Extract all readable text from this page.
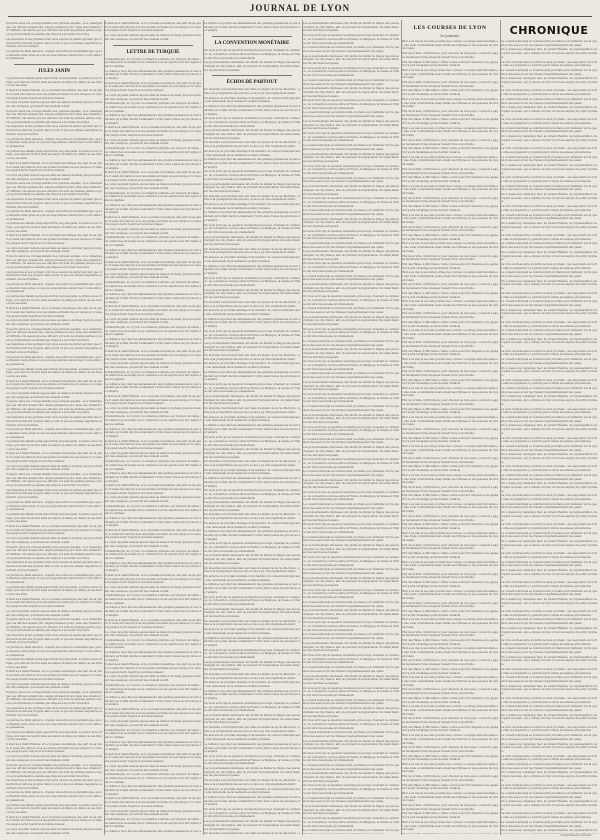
JOURNAL DE LYON

Toujours selon les correspondants des journaux anglais, on a remarqué que ces officiers avaient été, depuis plusieurs jours, dans une situation fort difficile. On assure que les officiers ont subi de grandes pertes et que le gouvernement ne semble pas disposé à accorder une trêve.

Les dépêches et les journaux dont nous venons de parler ajoutent que l'insurrection fait des progrès dans le sud et que les armées régulières se retirent vers la frontière.

Le journal de Paris annonce, d'après une lettre de Constantinople, que la situation reste grave et que les négociations suivent leur cours entre les puissances.

JULES JANIN

Le journal des Débats parle aujourd'hui de Jules Janin, le prince de la critique, qui vient de mourir dans sa maison de Passy au milieu de ses livres et de ses amis.

Il était né à Saint-Étienne, et le Lyonnais revendique une part de sa gloire. Il avait été l'ami de tous les grands écrivains de son temps et il conserva jusqu'à la fin l'esprit et la bonne humeur.

Le corps de Janin restera exposé dans sa maison de Passy jusqu'au moment des obsèques, qui auront lieu demain à midi.

Toujours selon les correspondants des journaux anglais, on a remarqué que ces officiers avaient été, depuis plusieurs jours, dans une situation fort difficile. On assure que les officiers ont subi de grandes pertes et que le gouvernement ne semble pas disposé à accorder une trêve.

Les dépêches et les journaux dont nous venons de parler ajoutent que l'insurrection fait des progrès dans le sud et que les armées régulières se retirent vers la frontière.

Le journal de Paris annonce, d'après une lettre de Constantinople, que la situation reste grave et que les négociations suivent leur cours entre les puissances.

Le journal des Débats parle aujourd'hui de Jules Janin, le prince de la critique, qui vient de mourir dans sa maison de Passy au milieu de ses livres et de ses amis.

Il était né à Saint-Étienne, et le Lyonnais revendique une part de sa gloire. Il avait été l'ami de tous les grands écrivains de son temps et il conserva jusqu'à la fin l'esprit et la bonne humeur.

Le corps de Janin restera exposé dans sa maison de Passy jusqu'au moment des obsèques, qui auront lieu demain à midi.

Toujours selon les correspondants des journaux anglais, on a remarqué que ces officiers avaient été, depuis plusieurs jours, dans une situation fort difficile. On assure que les officiers ont subi de grandes pertes et que le gouvernement ne semble pas disposé à accorder une trêve.

Les dépêches et les journaux dont nous venons de parler ajoutent que l'insurrection fait des progrès dans le sud et que les armées régulières se retirent vers la frontière.

Le journal de Paris annonce, d'après une lettre de Constantinople, que la situation reste grave et que les négociations suivent leur cours entre les puissances.

Le journal des Débats parle aujourd'hui de Jules Janin, le prince de la critique, qui vient de mourir dans sa maison de Passy au milieu de ses livres et de ses amis.

Il était né à Saint-Étienne, et le Lyonnais revendique une part de sa gloire. Il avait été l'ami de tous les grands écrivains de son temps et il conserva jusqu'à la fin l'esprit et la bonne humeur.

Le corps de Janin restera exposé dans sa maison de Passy jusqu'au moment des obsèques, qui auront lieu demain à midi.

Toujours selon les correspondants des journaux anglais, on a remarqué que ces officiers avaient été, depuis plusieurs jours, dans une situation fort difficile. On assure que les officiers ont subi de grandes pertes et que le gouvernement ne semble pas disposé à accorder une trêve.

Les dépêches et les journaux dont nous venons de parler ajoutent que l'insurrection fait des progrès dans le sud et que les armées régulières se retirent vers la frontière.

Le journal de Paris annonce, d'après une lettre de Constantinople, que la situation reste grave et que les négociations suivent leur cours entre les puissances.

Le journal des Débats parle aujourd'hui de Jules Janin, le prince de la critique, qui vient de mourir dans sa maison de Passy au milieu de ses livres et de ses amis.

Il était né à Saint-Étienne, et le Lyonnais revendique une part de sa gloire. Il avait été l'ami de tous les grands écrivains de son temps et il conserva jusqu'à la fin l'esprit et la bonne humeur.

Le corps de Janin restera exposé dans sa maison de Passy jusqu'au moment des obsèques, qui auront lieu demain à midi.

Toujours selon les correspondants des journaux anglais, on a remarqué que ces officiers avaient été, depuis plusieurs jours, dans une situation fort difficile. On assure que les officiers ont subi de grandes pertes et que le gouvernement ne semble pas disposé à accorder une trêve.

Les dépêches et les journaux dont nous venons de parler ajoutent que l'insurrection fait des progrès dans le sud et que les armées régulières se retirent vers la frontière.

Le journal de Paris annonce, d'après une lettre de Constantinople, que la situation reste grave et que les négociations suivent leur cours entre les puissances.

Le journal des Débats parle aujourd'hui de Jules Janin, le prince de la critique, qui vient de mourir dans sa maison de Passy au milieu de ses livres et de ses amis.

Il était né à Saint-Étienne, et le Lyonnais revendique une part de sa gloire. Il avait été l'ami de tous les grands écrivains de son temps et il conserva jusqu'à la fin l'esprit et la bonne humeur.

Le corps de Janin restera exposé dans sa maison de Passy jusqu'au moment des obsèques, qui auront lieu demain à midi.

Toujours selon les correspondants des journaux anglais, on a remarqué que ces officiers avaient été, depuis plusieurs jours, dans une situation fort difficile. On assure que les officiers ont subi de grandes pertes et que le gouvernement ne semble pas disposé à accorder une trêve.

Les dépêches et les journaux dont nous venons de parler ajoutent que l'insurrection fait des progrès dans le sud et que les armées régulières se retirent vers la frontière.

Le journal de Paris annonce, d'après une lettre de Constantinople, que la situation reste grave et que les négociations suivent leur cours entre les puissances.

Le journal des Débats parle aujourd'hui de Jules Janin, le prince de la critique, qui vient de mourir dans sa maison de Passy au milieu de ses livres et de ses amis.

Il était né à Saint-Étienne, et le Lyonnais revendique une part de sa gloire. Il avait été l'ami de tous les grands écrivains de son temps et il conserva jusqu'à la fin l'esprit et la bonne humeur.

Le corps de Janin restera exposé dans sa maison de Passy jusqu'au moment des obsèques, qui auront lieu demain à midi.

Toujours selon les correspondants des journaux anglais, on a remarqué que ces officiers avaient été, depuis plusieurs jours, dans une situation fort difficile. On assure que les officiers ont subi de grandes pertes et que le gouvernement ne semble pas disposé à accorder une trêve.

Les dépêches et les journaux dont nous venons de parler ajoutent que l'insurrection fait des progrès dans le sud et que les armées régulières se retirent vers la frontière.

Le journal de Paris annonce, d'après une lettre de Constantinople, que la situation reste grave et que les négociations suivent leur cours entre les puissances.

Le journal des Débats parle aujourd'hui de Jules Janin, le prince de la critique, qui vient de mourir dans sa maison de Passy au milieu de ses livres et de ses amis.

Il était né à Saint-Étienne, et le Lyonnais revendique une part de sa gloire. Il avait été l'ami de tous les grands écrivains de son temps et il conserva jusqu'à la fin l'esprit et la bonne humeur.

Le corps de Janin restera exposé dans sa maison de Passy jusqu'au moment des obsèques, qui auront lieu demain à midi.

Toujours selon les correspondants des journaux anglais, on a remarqué que ces officiers avaient été, depuis plusieurs jours, dans une situation fort difficile. On assure que les officiers ont subi de grandes pertes et que le gouvernement ne semble pas disposé à accorder une trêve.

Les dépêches et les journaux dont nous venons de parler ajoutent que l'insurrection fait des progrès dans le sud et que les armées régulières se retirent vers la frontière.

Le journal de Paris annonce, d'après une lettre de Constantinople, que la situation reste grave et que les négociations suivent leur cours entre les puissances.

Le journal des Débats parle aujourd'hui de Jules Janin, le prince de la critique, qui vient de mourir dans sa maison de Passy au milieu de ses livres et de ses amis.

Il était né à Saint-Étienne, et le Lyonnais revendique une part de sa gloire. Il avait été l'ami de tous les grands écrivains de son temps et il conserva jusqu'à la fin l'esprit et la bonne humeur.

Le corps de Janin restera exposé dans sa maison de Passy jusqu'au moment des obsèques, qui auront lieu demain à midi.

Toujours selon les correspondants des journaux anglais, on a remarqué que ces officiers avaient été, depuis plusieurs jours, dans une situation fort difficile. On assure que les officiers ont subi de grandes pertes et que le gouvernement ne semble pas disposé à accorder une trêve.

Les dépêches et les journaux dont nous venons de parler ajoutent que l'insurrection fait des progrès dans le sud et que les armées régulières se retirent vers la frontière.

Le journal de Paris annonce, d'après une lettre de Constantinople, que la situation reste grave et que les négociations suivent leur cours entre les puissances.

Le journal des Débats parle aujourd'hui de Jules Janin, le prince de la critique, qui vient de mourir dans sa maison de Passy au milieu de ses livres et de ses amis.

Il était né à Saint-Étienne, et le Lyonnais revendique une part de sa gloire. Il avait été l'ami de tous les grands écrivains de son temps et il conserva jusqu'à la fin l'esprit et la bonne humeur.

Le corps de Janin restera exposé dans sa maison de Passy jusqu'au moment des obsèques, qui auront lieu demain à midi.

Toujours selon les correspondants des journaux anglais, on a remarqué que ces officiers avaient été, depuis plusieurs jours, dans une situation fort difficile. On assure que les officiers ont subi de grandes pertes et que le gouvernement ne semble pas disposé à accorder une trêve.

Les dépêches et les journaux dont nous venons de parler ajoutent que l'insurrection fait des progrès dans le sud et que les armées régulières se retirent vers la frontière.

Le journal de Paris annonce, d'après une lettre de Constantinople, que la situation reste grave et que les négociations suivent leur cours entre les puissances.

Le journal des Débats parle aujourd'hui de Jules Janin, le prince de la critique, qui vient de mourir dans sa maison de Passy au milieu de ses livres et de ses amis.

Il était né à Saint-Étienne, et le Lyonnais revendique une part de sa gloire. Il avait été l'ami de tous les grands écrivains de son temps et il conserva jusqu'à la fin l'esprit et la bonne humeur.

Le corps de Janin restera exposé dans sa maison de Passy jusqu'au moment des obsèques, qui auront lieu demain à midi.

Toujours selon les correspondants des journaux anglais, on a remarqué que ces officiers avaient été, depuis plusieurs jours, dans une situation fort difficile. On assure que les officiers ont subi de grandes pertes et que le gouvernement ne semble pas disposé à accorder une trêve.

Les dépêches et les journaux dont nous venons de parler ajoutent que l'insurrection fait des progrès dans le sud et que les armées régulières se retirent vers la frontière.

Le journal de Paris annonce, d'après une lettre de Constantinople, que la situation reste grave et que les négociations suivent leur cours entre les puissances.

Le journal des Débats parle aujourd'hui de Jules Janin, le prince de la critique, qui vient de mourir dans sa maison de Passy au milieu de ses livres et de ses amis.

Il était né à Saint-Étienne, et le Lyonnais revendique une part de sa gloire. Il avait été l'ami de tous les grands écrivains de son temps et il conserva jusqu'à la fin l'esprit et la bonne humeur.

Le corps de Janin restera exposé dans sa maison de Passy jusqu'au moment des obsèques, qui auront lieu demain à midi.

Il était né à Saint-Étienne, et le Lyonnais revendique une part de sa gloire. Il avait été l'ami de tous les grands écrivains de son temps et il conserva jusqu'à la fin l'esprit et la bonne humeur.

Le corps de Janin restera exposé dans sa maison de Passy jusqu'au moment des obsèques, qui auront lieu demain à midi.

LETTRE DE TURQUIE

Constantinople, le 12 juin. La situation politique est toujours la même ; on attend des nouvelles de la conférence et les esprits sont fort agités dans la capitale.

Le Sultan a reçu hier les ambassadeurs des grandes puissances et leur a déclaré qu'il était décidé à maintenir l'ordre dans toutes les provinces de l'empire.

Il était né à Saint-Étienne, et le Lyonnais revendique une part de sa gloire. Il avait été l'ami de tous les grands écrivains de son temps et il conserva jusqu'à la fin l'esprit et la bonne humeur.

Le corps de Janin restera exposé dans sa maison de Passy jusqu'au moment des obsèques, qui auront lieu demain à midi.

Constantinople, le 12 juin. La situation politique est toujours la même ; on attend des nouvelles de la conférence et les esprits sont fort agités dans la capitale.

Le Sultan a reçu hier les ambassadeurs des grandes puissances et leur a déclaré qu'il était décidé à maintenir l'ordre dans toutes les provinces de l'empire.

Il était né à Saint-Étienne, et le Lyonnais revendique une part de sa gloire. Il avait été l'ami de tous les grands écrivains de son temps et il conserva jusqu'à la fin l'esprit et la bonne humeur.

Le corps de Janin restera exposé dans sa maison de Passy jusqu'au moment des obsèques, qui auront lieu demain à midi.

Constantinople, le 12 juin. La situation politique est toujours la même ; on attend des nouvelles de la conférence et les esprits sont fort agités dans la capitale.

Le Sultan a reçu hier les ambassadeurs des grandes puissances et leur a déclaré qu'il était décidé à maintenir l'ordre dans toutes les provinces de l'empire.

Il était né à Saint-Étienne, et le Lyonnais revendique une part de sa gloire. Il avait été l'ami de tous les grands écrivains de son temps et il conserva jusqu'à la fin l'esprit et la bonne humeur.

Le corps de Janin restera exposé dans sa maison de Passy jusqu'au moment des obsèques, qui auront lieu demain à midi.

Constantinople, le 12 juin. La situation politique est toujours la même ; on attend des nouvelles de la conférence et les esprits sont fort agités dans la capitale.

Le Sultan a reçu hier les ambassadeurs des grandes puissances et leur a déclaré qu'il était décidé à maintenir l'ordre dans toutes les provinces de l'empire.

Il était né à Saint-Étienne, et le Lyonnais revendique une part de sa gloire. Il avait été l'ami de tous les grands écrivains de son temps et il conserva jusqu'à la fin l'esprit et la bonne humeur.

Le corps de Janin restera exposé dans sa maison de Passy jusqu'au moment des obsèques, qui auront lieu demain à midi.

Constantinople, le 12 juin. La situation politique est toujours la même ; on attend des nouvelles de la conférence et les esprits sont fort agités dans la capitale.

Le Sultan a reçu hier les ambassadeurs des grandes puissances et leur a déclaré qu'il était décidé à maintenir l'ordre dans toutes les provinces de l'empire.

Il était né à Saint-Étienne, et le Lyonnais revendique une part de sa gloire. Il avait été l'ami de tous les grands écrivains de son temps et il conserva jusqu'à la fin l'esprit et la bonne humeur.

Le corps de Janin restera exposé dans sa maison de Passy jusqu'au moment des obsèques, qui auront lieu demain à midi.

Constantinople, le 12 juin. La situation politique est toujours la même ; on attend des nouvelles de la conférence et les esprits sont fort agités dans la capitale.

Le Sultan a reçu hier les ambassadeurs des grandes puissances et leur a déclaré qu'il était décidé à maintenir l'ordre dans toutes les provinces de l'empire.

Il était né à Saint-Étienne, et le Lyonnais revendique une part de sa gloire. Il avait été l'ami de tous les grands écrivains de son temps et il conserva jusqu'à la fin l'esprit et la bonne humeur.

Le corps de Janin restera exposé dans sa maison de Passy jusqu'au moment des obsèques, qui auront lieu demain à midi.

Constantinople, le 12 juin. La situation politique est toujours la même ; on attend des nouvelles de la conférence et les esprits sont fort agités dans la capitale.

Le Sultan a reçu hier les ambassadeurs des grandes puissances et leur a déclaré qu'il était décidé à maintenir l'ordre dans toutes les provinces de l'empire.

Il était né à Saint-Étienne, et le Lyonnais revendique une part de sa gloire. Il avait été l'ami de tous les grands écrivains de son temps et il conserva jusqu'à la fin l'esprit et la bonne humeur.

Le corps de Janin restera exposé dans sa maison de Passy jusqu'au moment des obsèques, qui auront lieu demain à midi.

Constantinople, le 12 juin. La situation politique est toujours la même ; on attend des nouvelles de la conférence et les esprits sont fort agités dans la capitale.

Le Sultan a reçu hier les ambassadeurs des grandes puissances et leur a déclaré qu'il était décidé à maintenir l'ordre dans toutes les provinces de l'empire.

Il était né à Saint-Étienne, et le Lyonnais revendique une part de sa gloire. Il avait été l'ami de tous les grands écrivains de son temps et il conserva jusqu'à la fin l'esprit et la bonne humeur.

Le corps de Janin restera exposé dans sa maison de Passy jusqu'au moment des obsèques, qui auront lieu demain à midi.

Constantinople, le 12 juin. La situation politique est toujours la même ; on attend des nouvelles de la conférence et les esprits sont fort agités dans la capitale.

Le Sultan a reçu hier les ambassadeurs des grandes puissances et leur a déclaré qu'il était décidé à maintenir l'ordre dans toutes les provinces de l'empire.

Il était né à Saint-Étienne, et le Lyonnais revendique une part de sa gloire. Il avait été l'ami de tous les grands écrivains de son temps et il conserva jusqu'à la fin l'esprit et la bonne humeur.

Le corps de Janin restera exposé dans sa maison de Passy jusqu'au moment des obsèques, qui auront lieu demain à midi.

Constantinople, le 12 juin. La situation politique est toujours la même ; on attend des nouvelles de la conférence et les esprits sont fort agités dans la capitale.

Le Sultan a reçu hier les ambassadeurs des grandes puissances et leur a déclaré qu'il était décidé à maintenir l'ordre dans toutes les provinces de l'empire.

Il était né à Saint-Étienne, et le Lyonnais revendique une part de sa gloire. Il avait été l'ami de tous les grands écrivains de son temps et il conserva jusqu'à la fin l'esprit et la bonne humeur.

Le corps de Janin restera exposé dans sa maison de Passy jusqu'au moment des obsèques, qui auront lieu demain à midi.

Constantinople, le 12 juin. La situation politique est toujours la même ; on attend des nouvelles de la conférence et les esprits sont fort agités dans la capitale.

Le Sultan a reçu hier les ambassadeurs des grandes puissances et leur a déclaré qu'il était décidé à maintenir l'ordre dans toutes les provinces de l'empire.

Il était né à Saint-Étienne, et le Lyonnais revendique une part de sa gloire. Il avait été l'ami de tous les grands écrivains de son temps et il conserva jusqu'à la fin l'esprit et la bonne humeur.

Le corps de Janin restera exposé dans sa maison de Passy jusqu'au moment des obsèques, qui auront lieu demain à midi.

Constantinople, le 12 juin. La situation politique est toujours la même ; on attend des nouvelles de la conférence et les esprits sont fort agités dans la capitale.

Le Sultan a reçu hier les ambassadeurs des grandes puissances et leur a déclaré qu'il était décidé à maintenir l'ordre dans toutes les provinces de l'empire.

Il était né à Saint-Étienne, et le Lyonnais revendique une part de sa gloire. Il avait été l'ami de tous les grands écrivains de son temps et il conserva jusqu'à la fin l'esprit et la bonne humeur.

Le corps de Janin restera exposé dans sa maison de Passy jusqu'au moment des obsèques, qui auront lieu demain à midi.

Constantinople, le 12 juin. La situation politique est toujours la même ; on attend des nouvelles de la conférence et les esprits sont fort agités dans la capitale.

Le Sultan a reçu hier les ambassadeurs des grandes puissances et leur a déclaré qu'il était décidé à maintenir l'ordre dans toutes les provinces de l'empire.

Il était né à Saint-Étienne, et le Lyonnais revendique une part de sa gloire. Il avait été l'ami de tous les grands écrivains de son temps et il conserva jusqu'à la fin l'esprit et la bonne humeur.

Le corps de Janin restera exposé dans sa maison de Passy jusqu'au moment des obsèques, qui auront lieu demain à midi.

Constantinople, le 12 juin. La situation politique est toujours la même ; on attend des nouvelles de la conférence et les esprits sont fort agités dans la capitale.

Le Sultan a reçu hier les ambassadeurs des grandes puissances et leur a déclaré qu'il était décidé à maintenir l'ordre dans toutes les provinces de l'empire.

Il était né à Saint-Étienne, et le Lyonnais revendique une part de sa gloire. Il avait été l'ami de tous les grands écrivains de son temps et il conserva jusqu'à la fin l'esprit et la bonne humeur.

Le corps de Janin restera exposé dans sa maison de Passy jusqu'au moment des obsèques, qui auront lieu demain à midi.

Constantinople, le 12 juin. La situation politique est toujours la même ; on attend des nouvelles de la conférence et les esprits sont fort agités dans la capitale.

Le Sultan a reçu hier les ambassadeurs des grandes puissances et leur a déclaré qu'il était décidé à maintenir l'ordre dans toutes les provinces de l'empire.

Il était né à Saint-Étienne, et le Lyonnais revendique une part de sa gloire. Il avait été l'ami de tous les grands écrivains de son temps et il conserva jusqu'à la fin l'esprit et la bonne humeur.

Le corps de Janin restera exposé dans sa maison de Passy jusqu'au moment des obsèques, qui auront lieu demain à midi.

Constantinople, le 12 juin. La situation politique est toujours la même ; on attend des nouvelles de la conférence et les esprits sont fort agités dans la capitale.

Le Sultan a reçu hier les ambassadeurs des grandes puissances et leur a déclaré qu'il était décidé à maintenir l'ordre dans toutes les provinces de l'empire.

Il était né à Saint-Étienne, et le Lyonnais revendique une part de sa gloire. Il avait été l'ami de tous les grands écrivains de son temps et il conserva jusqu'à la fin l'esprit et la bonne humeur.

Le corps de Janin restera exposé dans sa maison de Passy jusqu'au moment des obsèques, qui auront lieu demain à midi.

Constantinople, le 12 juin. La situation politique est toujours la même ; on attend des nouvelles de la conférence et les esprits sont fort agités dans la capitale.

Le Sultan a reçu hier les ambassadeurs des grandes puissances et leur a déclaré qu'il était décidé à maintenir l'ordre dans toutes les provinces de l'empire.

Il était né à Saint-Étienne, et le Lyonnais revendique une part de sa gloire. Il avait été l'ami de tous les grands écrivains de son temps et il conserva jusqu'à la fin l'esprit et la bonne humeur.

Le corps de Janin restera exposé dans sa maison de Passy jusqu'au moment des obsèques, qui auront lieu demain à midi.

Constantinople, le 12 juin. La situation politique est toujours la même ; on attend des nouvelles de la conférence et les esprits sont fort agités dans la capitale.

Le Sultan a reçu hier les ambassadeurs des grandes puissances et leur a

Le Sultan a reçu hier les ambassadeurs des grandes puissances et leur a déclaré qu'il était décidé à maintenir l'ordre dans toutes les provinces de l'empire.

LA CONVENTION MONÉTAIRE

On nous écrit que la question monétaire préoccupe vivement le commerce. La convention conclue entre la France, la Belgique, la Suisse et l'Italie doit être renouvelée prochainement.

Les gouvernements intéressés ont décidé de limiter la frappe des pièces d'argent de cinq francs, afin de prévenir la dépréciation du métal blanc sur les marchés européens.

ÉCHOS DE PARTOUT

Un incendie s'est déclaré hier soir dans un atelier de la rue Mercière ; grâce à la promptitude des secours, le feu a pu être rapidement éteint.

On annonce le prochain mariage d'un membre du conseil municipal avec une demoiselle de la meilleure société lyonnaise.

Le Sultan a reçu hier les ambassadeurs des grandes puissances et leur a déclaré qu'il était décidé à maintenir l'ordre dans toutes les provinces de l'empire.

On nous écrit que la question monétaire préoccupe vivement le commerce. La convention conclue entre la France, la Belgique, la Suisse et l'Italie doit être renouvelée prochainement.

Les gouvernements intéressés ont décidé de limiter la frappe des pièces d'argent de cinq francs, afin de prévenir la dépréciation du métal blanc sur les marchés européens.

Un incendie s'est déclaré hier soir dans un atelier de la rue Mercière ; grâce à la promptitude des secours, le feu a pu être rapidement éteint.

On annonce le prochain mariage d'un membre du conseil municipal avec une demoiselle de la meilleure société lyonnaise.

Le Sultan a reçu hier les ambassadeurs des grandes puissances et leur a déclaré qu'il était décidé à maintenir l'ordre dans toutes les provinces de l'empire.

On nous écrit que la question monétaire préoccupe vivement le commerce. La convention conclue entre la France, la Belgique, la Suisse et l'Italie doit être renouvelée prochainement.

Les gouvernements intéressés ont décidé de limiter la frappe des pièces d'argent de cinq francs, afin de prévenir la dépréciation du métal blanc sur les marchés européens.

Un incendie s'est déclaré hier soir dans un atelier de la rue Mercière ; grâce à la promptitude des secours, le feu a pu être rapidement éteint.

On annonce le prochain mariage d'un membre du conseil municipal avec une demoiselle de la meilleure société lyonnaise.

Le Sultan a reçu hier les ambassadeurs des grandes puissances et leur a déclaré qu'il était décidé à maintenir l'ordre dans toutes les provinces de l'empire.

On nous écrit que la question monétaire préoccupe vivement le commerce. La convention conclue entre la France, la Belgique, la Suisse et l'Italie doit être renouvelée prochainement.

Les gouvernements intéressés ont décidé de limiter la frappe des pièces d'argent de cinq francs, afin de prévenir la dépréciation du métal blanc sur les marchés européens.

Un incendie s'est déclaré hier soir dans un atelier de la rue Mercière ; grâce à la promptitude des secours, le feu a pu être rapidement éteint.

On annonce le prochain mariage d'un membre du conseil municipal avec une demoiselle de la meilleure société lyonnaise.

Le Sultan a reçu hier les ambassadeurs des grandes puissances et leur a déclaré qu'il était décidé à maintenir l'ordre dans toutes les provinces de l'empire.

On nous écrit que la question monétaire préoccupe vivement le commerce. La convention conclue entre la France, la Belgique, la Suisse et l'Italie doit être renouvelée prochainement.

Les gouvernements intéressés ont décidé de limiter la frappe des pièces d'argent de cinq francs, afin de prévenir la dépréciation du métal blanc sur les marchés européens.

Un incendie s'est déclaré hier soir dans un atelier de la rue Mercière ; grâce à la promptitude des secours, le feu a pu être rapidement éteint.

On annonce le prochain mariage d'un membre du conseil municipal avec une demoiselle de la meilleure société lyonnaise.

Le Sultan a reçu hier les ambassadeurs des grandes puissances et leur a déclaré qu'il était décidé à maintenir l'ordre dans toutes les provinces de l'empire.

On nous écrit que la question monétaire préoccupe vivement le commerce. La convention conclue entre la France, la Belgique, la Suisse et l'Italie doit être renouvelée prochainement.

Les gouvernements intéressés ont décidé de limiter la frappe des pièces d'argent de cinq francs, afin de prévenir la dépréciation du métal blanc sur les marchés européens.

Un incendie s'est déclaré hier soir dans un atelier de la rue Mercière ; grâce à la promptitude des secours, le feu a pu être rapidement éteint.

On annonce le prochain mariage d'un membre du conseil municipal avec une demoiselle de la meilleure société lyonnaise.

Le Sultan a reçu hier les ambassadeurs des grandes puissances et leur a déclaré qu'il était décidé à maintenir l'ordre dans toutes les provinces de l'empire.

On nous écrit que la question monétaire préoccupe vivement le commerce. La convention conclue entre la France, la Belgique, la Suisse et l'Italie doit être renouvelée prochainement.

Les gouvernements intéressés ont décidé de limiter la frappe des pièces d'argent de cinq francs, afin de prévenir la dépréciation du métal blanc sur les marchés européens.

Un incendie s'est déclaré hier soir dans un atelier de la rue Mercière ; grâce à la promptitude des secours, le feu a pu être rapidement éteint.

On annonce le prochain mariage d'un membre du conseil municipal avec une demoiselle de la meilleure société lyonnaise.

Le Sultan a reçu hier les ambassadeurs des grandes puissances et leur a déclaré qu'il était décidé à maintenir l'ordre dans toutes les provinces de l'empire.

On nous écrit que la question monétaire préoccupe vivement le commerce. La convention conclue entre la France, la Belgique, la Suisse et l'Italie doit être renouvelée prochainement.

Les gouvernements intéressés ont décidé de limiter la frappe des pièces d'argent de cinq francs, afin de prévenir la dépréciation du métal blanc sur les marchés européens.

Un incendie s'est déclaré hier soir dans un atelier de la rue Mercière ; grâce à la promptitude des secours, le feu a pu être rapidement éteint.

On annonce le prochain mariage d'un membre du conseil municipal avec une demoiselle de la meilleure société lyonnaise.

Le Sultan a reçu hier les ambassadeurs des grandes puissances et leur a déclaré qu'il était décidé à maintenir l'ordre dans toutes les provinces de l'empire.

On nous écrit que la question monétaire préoccupe vivement le commerce. La convention conclue entre la France, la Belgique, la Suisse et l'Italie doit être renouvelée prochainement.

Les gouvernements intéressés ont décidé de limiter la frappe des pièces d'argent de cinq francs, afin de prévenir la dépréciation du métal blanc sur les marchés européens.

Un incendie s'est déclaré hier soir dans un atelier de la rue Mercière ; grâce à la promptitude des secours, le feu a pu être rapidement éteint.

On annonce le prochain mariage d'un membre du conseil municipal avec une demoiselle de la meilleure société lyonnaise.

Le Sultan a reçu hier les ambassadeurs des grandes puissances et leur a déclaré qu'il était décidé à maintenir l'ordre dans toutes les provinces de l'empire.

On nous écrit que la question monétaire préoccupe vivement le commerce. La convention conclue entre la France, la Belgique, la Suisse et l'Italie doit être renouvelée prochainement.

Les gouvernements intéressés ont décidé de limiter la frappe des pièces d'argent de cinq francs, afin de prévenir la dépréciation du métal blanc sur les marchés européens.

Un incendie s'est déclaré hier soir dans un atelier de la rue Mercière ; grâce à la promptitude des secours, le feu a pu être rapidement éteint.

On annonce le prochain mariage d'un membre du conseil municipal avec une demoiselle de la meilleure société lyonnaise.

Le Sultan a reçu hier les ambassadeurs des grandes puissances et leur a déclaré qu'il était décidé à maintenir l'ordre dans toutes les provinces de l'empire.

On nous écrit que la question monétaire préoccupe vivement le commerce. La convention conclue entre la France, la Belgique, la Suisse et l'Italie doit être renouvelée prochainement.

Les gouvernements intéressés ont décidé de limiter la frappe des pièces d'argent de cinq francs, afin de prévenir la dépréciation du métal blanc sur les marchés européens.

Un incendie s'est déclaré hier soir dans un atelier de la rue Mercière ; grâce à la promptitude des secours, le feu a pu être rapidement éteint.

On annonce le prochain mariage d'un membre du conseil municipal avec une demoiselle de la meilleure société lyonnaise.

Le Sultan a reçu hier les ambassadeurs des grandes puissances et leur a déclaré qu'il était décidé à maintenir l'ordre dans toutes les provinces de l'empire.

On nous écrit que la question monétaire préoccupe vivement le commerce. La convention conclue entre la France, la Belgique, la Suisse et l'Italie doit être renouvelée prochainement.

Les gouvernements intéressés ont décidé de limiter la frappe des pièces d'argent de cinq francs, afin de prévenir la dépréciation du métal blanc sur les marchés européens.

Un incendie s'est déclaré hier soir dans un atelier de la rue Mercière ; grâce à la promptitude des secours, le feu a pu être rapidement éteint.

On annonce le prochain mariage d'un membre du conseil municipal avec une demoiselle de la meilleure société lyonnaise.

Le Sultan a reçu hier les ambassadeurs des grandes puissances et leur a déclaré qu'il était décidé à maintenir l'ordre dans toutes les provinces de l'empire.

On nous écrit que la question monétaire préoccupe vivement le commerce. La convention conclue entre la France, la Belgique, la Suisse et l'Italie doit être renouvelée prochainement.

Les gouvernements intéressés ont décidé de limiter la frappe des pièces d'argent de cinq francs, afin de prévenir la dépréciation du métal blanc sur les marchés européens.

Un incendie s'est déclaré hier soir dans un atelier de la rue Mercière ; grâce à la promptitude des secours, le feu a pu être rapidement éteint.

On annonce le prochain mariage d'un membre du conseil municipal avec une demoiselle de la meilleure société lyonnaise.

Le Sultan a reçu hier les ambassadeurs des grandes puissances et leur a déclaré qu'il était décidé à maintenir l'ordre dans toutes les provinces de l'empire.

On nous écrit que la question monétaire préoccupe vivement le commerce. La convention conclue entre la France, la Belgique, la Suisse et l'Italie doit être renouvelée prochainement.

Les gouvernements intéressés ont décidé de limiter la frappe des pièces d'argent de cinq francs, afin de prévenir la dépréciation du métal blanc sur les marchés européens.

Un incendie s'est déclaré hier soir dans un atelier de la rue Mercière ; grâce à la promptitude des secours, le feu a pu être rapidement éteint.

On annonce le prochain mariage d'un membre du conseil municipal avec une demoiselle de la meilleure société lyonnaise.

Le Sultan a reçu hier les ambassadeurs des grandes puissances et leur a déclaré qu'il était décidé à maintenir l'ordre dans toutes les provinces de l'empire.

On nous écrit que la question monétaire préoccupe vivement le commerce. La convention conclue entre la France, la Belgique, la Suisse et l'Italie doit être renouvelée prochainement.

Les gouvernements intéressés ont décidé de limiter la frappe des pièces d'argent de cinq francs, afin de prévenir la dépréciation du métal blanc sur les marchés européens.

Un incendie s'est déclaré hier soir dans un atelier de la rue Mercière ; g

Les gouvernements intéressés ont décidé de limiter la frappe des pièces d'argent de cinq francs, afin de prévenir la dépréciation du métal blanc sur les marchés européens.

On nous écrit que la question monétaire préoccupe vivement le commerce. La convention conclue entre la France, la Belgique, la Suisse et l'Italie doit être renouvelée prochainement.

Le conseil municipal se réunira lundi prochain pour délibérer sur la question des eaux et sur les travaux d'agrandissement des quais.

Les gouvernements intéressés ont décidé de limiter la frappe des pièces d'argent de cinq francs, afin de prévenir la dépréciation du métal blanc sur les marchés européens.

On nous écrit que la question monétaire préoccupe vivement le commerce. La convention conclue entre la France, la Belgique, la Suisse et l'Italie doit être renouvelée prochainement.

Le conseil municipal se réunira lundi prochain pour délibérer sur la question des eaux et sur les travaux d'agrandissement des quais.

Les gouvernements intéressés ont décidé de limiter la frappe des pièces d'argent de cinq francs, afin de prévenir la dépréciation du métal blanc sur les marchés européens.

On nous écrit que la question monétaire préoccupe vivement le commerce. La convention conclue entre la France, la Belgique, la Suisse et l'Italie doit être renouvelée prochainement.

Le conseil municipal se réunira lundi prochain pour délibérer sur la question des eaux et sur les travaux d'agrandissement des quais.

Les gouvernements intéressés ont décidé de limiter la frappe des pièces d'argent de cinq francs, afin de prévenir la dépréciation du métal blanc sur les marchés européens.

On nous écrit que la question monétaire préoccupe vivement le commerce. La convention conclue entre la France, la Belgique, la Suisse et l'Italie doit être renouvelée prochainement.

Le conseil municipal se réunira lundi prochain pour délibérer sur la question des eaux et sur les travaux d'agrandissement des quais.

Les gouvernements intéressés ont décidé de limiter la frappe des pièces d'argent de cinq francs, afin de prévenir la dépréciation du métal blanc sur les marchés européens.

On nous écrit que la question monétaire préoccupe vivement le commerce. La convention conclue entre la France, la Belgique, la Suisse et l'Italie doit être renouvelée prochainement.

Le conseil municipal se réunira lundi prochain pour délibérer sur la question des eaux et sur les travaux d'agrandissement des quais.

Les gouvernements intéressés ont décidé de limiter la frappe des pièces d'argent de cinq francs, afin de prévenir la dépréciation du métal blanc sur les marchés européens.

On nous écrit que la question monétaire préoccupe vivement le commerce. La convention conclue entre la France, la Belgique, la Suisse et l'Italie doit être renouvelée prochainement.

Le conseil municipal se réunira lundi prochain pour délibérer sur la question des eaux et sur les travaux d'agrandissement des quais.

Les gouvernements intéressés ont décidé de limiter la frappe des pièces d'argent de cinq francs, afin de prévenir la dépréciation du métal blanc sur les marchés européens.

On nous écrit que la question monétaire préoccupe vivement le commerce. La convention conclue entre la France, la Belgique, la Suisse et l'Italie doit être renouvelée prochainement.

Le conseil municipal se réunira lundi prochain pour délibérer sur la question des eaux et sur les travaux d'agrandissement des quais.

Les gouvernements intéressés ont décidé de limiter la frappe des pièces d'argent de cinq francs, afin de prévenir la dépréciation du métal blanc sur les marchés européens.

On nous écrit que la question monétaire préoccupe vivement le commerce. La convention conclue entre la France, la Belgique, la Suisse et l'Italie doit être renouvelée prochainement.

Le conseil municipal se réunira lundi prochain pour délibérer sur la question des eaux et sur les travaux d'agrandissement des quais.

Les gouvernements intéressés ont décidé de limiter la frappe des pièces d'argent de cinq francs, afin de prévenir la dépréciation du métal blanc sur les marchés européens.

On nous écrit que la question monétaire préoccupe vivement le commerce. La convention conclue entre la France, la Belgique, la Suisse et l'Italie doit être renouvelée prochainement.

Le conseil municipal se réunira lundi prochain pour délibérer sur la question des eaux et sur les travaux d'agrandissement des quais.

Les gouvernements intéressés ont décidé de limiter la frappe des pièces d'argent de cinq francs, afin de prévenir la dépréciation du métal blanc sur les marchés européens.

On nous écrit que la question monétaire préoccupe vivement le commerce. La convention conclue entre la France, la Belgique, la Suisse et l'Italie doit être renouvelée prochainement.

Le conseil municipal se réunira lundi prochain pour délibérer sur la question des eaux et sur les travaux d'agrandissement des quais.

Les gouvernements intéressés ont décidé de limiter la frappe des pièces d'argent de cinq francs, afin de prévenir la dépréciation du métal blanc sur les marchés européens.

On nous écrit que la question monétaire préoccupe vivement le commerce. La convention conclue entre la France, la Belgique, la Suisse et l'Italie doit être renouvelée prochainement.

Le conseil municipal se réunira lundi prochain pour délibérer sur la question des eaux et sur les travaux d'agrandissement des quais.

Les gouvernements intéressés ont décidé de limiter la frappe des pièces d'argent de cinq francs, afin de prévenir la dépréciation du métal blanc sur les marchés européens.

On nous écrit que la question monétaire préoccupe vivement le commerce. La convention conclue entre la France, la Belgique, la Suisse et l'Italie doit être renouvelée prochainement.

Le conseil municipal se réunira lundi prochain pour délibérer sur la question des eaux et sur les travaux d'agrandissement des quais.

Les gouvernements intéressés ont décidé de limiter la frappe des pièces d'argent de cinq francs, afin de prévenir la dépréciation du métal blanc sur les marchés européens.

On nous écrit que la question monétaire préoccupe vivement le commerce. La convention conclue entre la France, la Belgique, la Suisse et l'Italie doit être renouvelée prochainement.

Le conseil municipal se réunira lundi prochain pour délibérer sur la question des eaux et sur les travaux d'agrandissement des quais.

Les gouvernements intéressés ont décidé de limiter la frappe des pièces d'argent de cinq francs, afin de prévenir la dépréciation du métal blanc sur les marchés européens.

On nous écrit que la question monétaire préoccupe vivement le commerce. La convention conclue entre la France, la Belgique, la Suisse et l'Italie doit être renouvelée prochainement.

Le conseil municipal se réunira lundi prochain pour délibérer sur la question des eaux et sur les travaux d'agrandissement des quais.

Les gouvernements intéressés ont décidé de limiter la frappe des pièces d'argent de cinq francs, afin de prévenir la dépréciation du métal blanc sur les marchés européens.

On nous écrit que la question monétaire préoccupe vivement le commerce. La convention conclue entre la France, la Belgique, la Suisse et l'Italie doit être renouvelée prochainement.

Le conseil municipal se réunira lundi prochain pour délibérer sur la question des eaux et sur les travaux d'agrandissement des quais.

Les gouvernements intéressés ont décidé de limiter la frappe des pièces d'argent de cinq francs, afin de prévenir la dépréciation du métal blanc sur les marchés européens.

On nous écrit que la question monétaire préoccupe vivement le commerce. La convention conclue entre la France, la Belgique, la Suisse et l'Italie doit être renouvelée prochainement.

Le conseil municipal se réunira lundi prochain pour délibérer sur la question des eaux et sur les travaux d'agrandissement des quais.

Les gouvernements intéressés ont décidé de limiter la frappe des pièces d'argent de cinq francs, afin de prévenir la dépréciation du métal blanc sur les marchés européens.

On nous écrit que la question monétaire préoccupe vivement le commerce. La convention conclue entre la France, la Belgique, la Suisse et l'Italie doit être renouvelée prochainement.

Le conseil municipal se réunira lundi prochain pour délibérer sur la question des eaux et sur les travaux d'agrandissement des quais.

Les gouvernements intéressés ont décidé de limiter la frappe des pièces d'argent de cinq francs, afin de prévenir la dépréciation du métal blanc sur les marchés européens.

On nous écrit que la question monétaire préoccupe vivement le commerce. La convention conclue entre la France, la Belgique, la Suisse et l'Italie doit être renouvelée prochainement.

Le conseil municipal se réunira lundi prochain pour délibérer sur la question des eaux et sur les travaux d'agrandissement des quais.

Les gouvernements intéressés ont décidé de limiter la frappe des pièces d'argent de cinq francs, afin de prévenir la dépréciation du métal blanc sur les marchés européens.

On nous écrit que la question monétaire préoccupe vivement le commerce. La convention conclue entre la France, la Belgique, la Suisse et l'Italie doit être renouvelée prochainement.

Le conseil municipal se réunira lundi prochain pour délibérer sur la question des eaux et sur les travaux d'agrandissement des quais.

Les gouvernements intéressés ont décidé de limiter la frappe des pièces d'argent de cinq francs, afin de prévenir la dépréciation du métal blanc sur les marchés européens.

On nous écrit que la question monétaire préoccupe vivement le commerce. La convention conclue entre la France, la Belgique, la Suisse et l'Italie doit être renouvelée prochainement.

Le conseil municipal se réunira lundi prochain pour délibérer sur la question des eaux et sur les travaux d'agrandissement des quais.

Les gouvernements intéressés ont décidé de limiter la frappe des pièces d'argent de cinq francs, afin de prévenir la dépréciation du métal blanc sur les marchés européens.

On nous écrit que la question monétaire préoccupe vivement le commerce. La convention conclue entre la France, la Belgique, la Suisse et l'Italie doit être renouvelée prochainement.

Le conseil municipal se réunira lundi prochain pour délibérer sur la question des eaux et sur les travaux d'agrandissement des quais.

Les gouvernements intéressés ont décidé de limiter la frappe des pièces d'argent de cinq francs, afin de prévenir la dépréciation du métal blanc sur les marchés européens.

On nous écrit que la question monétaire préoccupe vivement le commerce. La convention conclue entre la France, la Belgique, la Suisse et l'Italie doit être renouvelée prochainement.

Le conseil municipal se réunira lundi prochain pour délibérer sur la question des eaux et sur les travaux d'agrandissement des quais.

Les gouvernements intéressés ont décidé de limiter la frappe des pièces d'argent de cinq francs, afin de prévenir la dépréciation du métal blanc sur les marchés européens.

On nous écrit que la question monétaire préoccupe vivement le commerce. La convention conclue entre la France, la Belgique, la Suisse et l'Italie doit être renouvelée prochainement.

Le conseil municipal se réunira lundi prochain pour délibérer sur la question des eaux et sur les travaux d'agrandissement des quais.

Les gouvernements intéressés ont décidé de limiter la frappe des pièces d'argent de cinq francs, afin de prévenir la dépréciation du métal blanc sur les marchés européens.

On nous écrit que la question monétaire préoccupe vivement le commerce. La convention conclue entre la France, la Belgique, la Suisse et l'Italie doit être renouvelée prochainement.

Le conseil municipal se réunira lundi prochain pour délibérer sur la question des eaux et sur les travaux d'agrandissement des quais.

Les gouvernements intéressés ont décidé de limiter la frappe des pièces d'argent de cinq francs, afin de prévenir la dépréciation du métal blanc sur les marchés européens.

On nous écrit que la question monétaire préoccupe vivement le commerce. La convention conclue entre la France, la Belgique, la Suisse et l'Italie doit être renouvelée prochainement.

Le conseil municipal se réunira lundi prochain pour délibérer sur la que

LES COURSES DE LYON
2e journée.

Hier a eu lieu la seconde journée des courses. Le temps était favorable et une foule considérable avait envahi les tribunes et les pelouses du Grand-Camp.

Prix de la Ville, 3,000 francs, pour chevaux de tous pays. Le favori a gagné facilement d'une longueur devant trois concurrents.

Prix des Haies, 2,000 francs. Cette course a été fort disputée et le gagnant n'a pris l'avantage qu'au dernier obstacle.

Hier a eu lieu la seconde journée des courses. Le temps était favorable et une foule considérable avait envahi les tribunes et les pelouses du Grand-Camp.

Prix de la Ville, 3,000 francs, pour chevaux de tous pays. Le favori a gagné facilement d'une longueur devant trois concurrents.

Prix des Haies, 2,000 francs. Cette course a été fort disputée et le gagnant n'a pris l'avantage qu'au dernier obstacle.

Hier a eu lieu la seconde journée des courses. Le temps était favorable et une foule considérable avait envahi les tribunes et les pelouses du Grand-Camp.

Prix de la Ville, 3,000 francs, pour chevaux de tous pays. Le favori a gagné facilement d'une longueur devant trois concurrents.

Prix des Haies, 2,000 francs. Cette course a été fort disputée et le gagnant n'a pris l'avantage qu'au dernier obstacle.

Hier a eu lieu la seconde journée des courses. Le temps était favorable et une foule considérable avait envahi les tribunes et les pelouses du Grand-Camp.

Prix de la Ville, 3,000 francs, pour chevaux de tous pays. Le favori a gagné facilement d'une longueur devant trois concurrents.

Prix des Haies, 2,000 francs. Cette course a été fort disputée et le gagnant n'a pris l'avantage qu'au dernier obstacle.

Hier a eu lieu la seconde journée des courses. Le temps était favorable et une foule considérable avait envahi les tribunes et les pelouses du Grand-Camp.

Prix de la Ville, 3,000 francs, pour chevaux de tous pays. Le favori a gagné facilement d'une longueur devant trois concurrents.

Prix des Haies, 2,000 francs. Cette course a été fort disputée et le gagnant n'a pris l'avantage qu'au dernier obstacle.

Hier a eu lieu la seconde journée des courses. Le temps était favorable et une foule considérable avait envahi les tribunes et les pelouses du Grand-Camp.

Prix de la Ville, 3,000 francs, pour chevaux de tous pays. Le favori a gagné facilement d'une longueur devant trois concurrents.

Prix des Haies, 2,000 francs. Cette course a été fort disputée et le gagnant n'a pris l'avantage qu'au dernier obstacle.

Hier a eu lieu la seconde journée des courses. Le temps était favorable et une foule considérable avait envahi les tribunes et les pelouses du Grand-Camp.

Prix de la Ville, 3,000 francs, pour chevaux de tous pays. Le favori a gagné facilement d'une longueur devant trois concurrents.

Prix des Haies, 2,000 francs. Cette course a été fort disputée et le gagnant n'a pris l'avantage qu'au dernier obstacle.

Hier a eu lieu la seconde journée des courses. Le temps était favorable et une foule considérable avait envahi les tribunes et les pelouses du Grand-Camp.

Prix de la Ville, 3,000 francs, pour chevaux de tous pays. Le favori a gagné facilement d'une longueur devant trois concurrents.

Prix des Haies, 2,000 francs. Cette course a été fort disputée et le gagnant n'a pris l'avantage qu'au dernier obstacle.

Hier a eu lieu la seconde journée des courses. Le temps était favorable et une foule considérable avait envahi les tribunes et les pelouses du Grand-Camp.

Prix de la Ville, 3,000 francs, pour chevaux de tous pays. Le favori a gagné facilement d'une longueur devant trois concurrents.

Prix des Haies, 2,000 francs. Cette course a été fort disputée et le gagnant n'a pris l'avantage qu'au dernier obstacle.

Hier a eu lieu la seconde journée des courses. Le temps était favorable et une foule considérable avait envahi les tribunes et les pelouses du Grand-Camp.

Prix de la Ville, 3,000 francs, pour chevaux de tous pays. Le favori a gagné facilement d'une longueur devant trois concurrents.

Prix des Haies, 2,000 francs. Cette course a été fort disputée et le gagnant n'a pris l'avantage qu'au dernier obstacle.

Hier a eu lieu la seconde journée des courses. Le temps était favorable et une foule considérable avait envahi les tribunes et les pelouses du Grand-Camp.

Prix de la Ville, 3,000 francs, pour chevaux de tous pays. Le favori a gagné facilement d'une longueur devant trois concurrents.

Prix des Haies, 2,000 francs. Cette course a été fort disputée et le gagnant n'a pris l'avantage qu'au dernier obstacle.

Hier a eu lieu la seconde journée des courses. Le temps était favorable et une foule considérable avait envahi les tribunes et les pelouses du Grand-Camp.

Prix de la Ville, 3,000 francs, pour chevaux de tous pays. Le favori a gagné facilement d'une longueur devant trois concurrents.

Prix des Haies, 2,000 francs. Cette course a été fort disputée et le gagnant n'a pris l'avantage qu'au dernier obstacle.

Hier a eu lieu la seconde journée des courses. Le temps était favorable et une foule considérable avait envahi les tribunes et les pelouses du Grand-Camp.

Prix de la Ville, 3,000 francs, pour chevaux de tous pays. Le favori a gagné facilement d'une longueur devant trois concurrents.

Prix des Haies, 2,000 francs. Cette course a été fort disputée et le gagnant n'a pris l'avantage qu'au dernier obstacle.

Hier a eu lieu la seconde journée des courses. Le temps était favorable et une foule considérable avait envahi les tribunes et les pelouses du Grand-Camp.

Prix de la Ville, 3,000 francs, pour chevaux de tous pays. Le favori a gagné facilement d'une longueur devant trois concurrents.

Prix des Haies, 2,000 francs. Cette course a été fort disputée et le gagnant n'a pris l'avantage qu'au dernier obstacle.

Hier a eu lieu la seconde journée des courses. Le temps était favorable et une foule considérable avait envahi les tribunes et les pelouses du Grand-Camp.

Prix de la Ville, 3,000 francs, pour chevaux de tous pays. Le favori a gagné facilement d'une longueur devant trois concurrents.

Prix des Haies, 2,000 francs. Cette course a été fort disputée et le gagnant n'a pris l'avantage qu'au dernier obstacle.

Hier a eu lieu la seconde journée des courses. Le temps était favorable et une foule considérable avait envahi les tribunes et les pelouses du Grand-Camp.

Prix de la Ville, 3,000 francs, pour chevaux de tous pays. Le favori a gagné facilement d'une longueur devant trois concurrents.

Prix des Haies, 2,000 francs. Cette course a été fort disputée et le gagnant n'a pris l'avantage qu'au dernier obstacle.

Hier a eu lieu la seconde journée des courses. Le temps était favorable et une foule considérable avait envahi les tribunes et les pelouses du Grand-Camp.

Prix de la Ville, 3,000 francs, pour chevaux de tous pays. Le favori a gagné facilement d'une longueur devant trois concurrents.

Prix des Haies, 2,000 francs. Cette course a été fort disputée et le gagnant n'a pris l'avantage qu'au dernier obstacle.

Hier a eu lieu la seconde journée des courses. Le temps était favorable et une foule considérable avait envahi les tribunes et les pelouses du Grand-Camp.

Prix de la Ville, 3,000 francs, pour chevaux de tous pays. Le favori a gagné facilement d'une longueur devant trois concurrents.

Prix des Haies, 2,000 francs. Cette course a été fort disputée et le gagnant n'a pris l'avantage qu'au dernier obstacle.

Hier a eu lieu la seconde journée des courses. Le temps était favorable et une foule considérable avait envahi les tribunes et les pelouses du Grand-Camp.

Prix de la Ville, 3,000 francs, pour chevaux de tous pays. Le favori a gagné facilement d'une longueur devant trois concurrents.

Prix des Haies, 2,000 francs. Cette course a été fort disputée et le gagnant n'a pris l'avantage qu'au dernier obstacle.

Hier a eu lieu la seconde journée des courses. Le temps était favorable et une foule considérable avait envahi les tribunes et les pelouses du Grand-Camp.

Prix de la Ville, 3,000 francs, pour chevaux de tous pays. Le favori a gagné facilement d'une longueur devant trois concurrents.

Prix des Haies, 2,000 francs. Cette course a été fort disputée et le gagnant n'a pris l'avantage qu'au dernier obstacle.

Hier a eu lieu la seconde journée des courses. Le temps était favorable et une foule considérable avait envahi les tribunes et les pelouses du Grand-Camp.

Prix de la Ville, 3,000 francs, pour chevaux de tous pays. Le favori a gagné facilement d'une longueur devant trois concurrents.

Prix des Haies, 2,000 francs. Cette course a été fort disputée et le gagnant n'a pris l'avantage qu'au dernier obstacle.

Hier a eu lieu la seconde journée des courses. Le temps était favorable et une foule considérable avait envahi les tribunes et les pelouses du Grand-Camp.

Prix de la Ville, 3,000 francs, pour chevaux de tous pays. Le favori a gagné facilement d'une longueur devant trois concurrents.

Prix des Haies, 2,000 francs. Cette course a été fort disputée et le gagnant n'a pris l'avantage qu'au dernier obstacle.

Hier a eu lieu la seconde journée des courses. Le temps était favorable et une foule considérable avait envahi les tribunes et les pelouses du Grand-Camp.

Prix de la Ville, 3,000 francs, pour chevaux de tous pays. Le favori a gagné facilement d'une longueur devant trois concurrents.

Prix des Haies, 2,000 francs. Cette course a été fort disputée et le gagnant n'a pris l'avantage qu'au dernier obstacle.

Hier a eu lieu la seconde journée des courses. Le temps était favorable et une foule considérable avait envahi les tribunes et les pelouses du Grand-Camp.

Prix de la Ville, 3,000 francs, pour chevaux de tous pays. Le favori a gagné facilement d'une longueur devant trois concurrents.

Prix des Haies, 2,000 francs. Cette course a été fort disputée et le gagnant n'a pris l'avantage qu'au dernier obstacle.

Hier a eu lieu la seconde journée des courses. Le temps était favorable et une foule considérable avait envahi les tribunes et les pelouses du Grand-Camp.

Prix de la Ville, 3,000 francs, pour chevaux de tous pays. Le favori a gagné facilement d'une longueur devant trois concurrents.

Prix des Haies, 2,000 francs. Cette course a été fort disputée et le gagnant n'a pris l'avantage qu'au dernier obstacle.

Hier a eu lieu la seconde journée des courses. Le temps était favorable et une foule considérable avait envahi les tribunes et les pelouses du Grand-Camp.

Prix de la Ville, 3,000 francs, pour chevaux de tous pays. Le favori a gagné facilement d'une longueur devant trois concurrents.

Prix des Haies, 2,000 francs. Cette course a été fort disputée et le gagnant n'a pris l'avantage qu'au dernier obstacle.

Hier a eu lieu la seconde journée des courses. Le temps était favorable et une foule considérable avait envahi les tribunes et les pelouses du Grand-Camp.

Prix de la Ville, 3,000 francs, pour chevaux de tous pays. Le favori a gagné facilement d'une longueur devant trois concurrents.

Prix des Haies, 2,000 francs. Cette course a été fort disputée et le gagnant n'a pris l'avantage qu'au dernier obstacle.

Hier a eu lieu la seconde journée des courses. Le temps était favorable et une foule considérable avait envahi les tribunes et les pelouses du Grand-Camp.

CHRONIQUE

Le conseil municipal se réunira lundi prochain pour délibérer sur la question des eaux et sur les travaux d'agrandissement des quais.

On a beaucoup remarqué hier, au Grand-Théâtre, la représentation de l'opéra nouveau, qui a obtenu un très vif succès auprès du public lyonnais.

La foire de Beaucaire s'ouvrira le mois prochain ; les négociants de notre ville se préparent à y prendre part comme les années précédentes.

Le conseil municipal se réunira lundi prochain pour délibérer sur la question des eaux et sur les travaux d'agrandissement des quais.

On a beaucoup remarqué hier, au Grand-Théâtre, la représentation de l'opéra nouveau, qui a obtenu un très vif succès auprès du public lyonnais.

La foire de Beaucaire s'ouvrira le mois prochain ; les négociants de notre ville se préparent à y prendre part comme les années précédentes.

Le conseil municipal se réunira lundi prochain pour délibérer sur la question des eaux et sur les travaux d'agrandissement des quais.

On a beaucoup remarqué hier, au Grand-Théâtre, la représentation de l'opéra nouveau, qui a obtenu un très vif succès auprès du public lyonnais.

La foire de Beaucaire s'ouvrira le mois prochain ; les négociants de notre ville se préparent à y prendre part comme les années précédentes.

Le conseil municipal se réunira lundi prochain pour délibérer sur la question des eaux et sur les travaux d'agrandissement des quais.

On a beaucoup remarqué hier, au Grand-Théâtre, la représentation de l'opéra nouveau, qui a obtenu un très vif succès auprès du public lyonnais.

La foire de Beaucaire s'ouvrira le mois prochain ; les négociants de notre ville se préparent à y prendre part comme les années précédentes.

Le conseil municipal se réunira lundi prochain pour délibérer sur la question des eaux et sur les travaux d'agrandissement des quais.

On a beaucoup remarqué hier, au Grand-Théâtre, la représentation de l'opéra nouveau, qui a obtenu un très vif succès auprès du public lyonnais.

La foire de Beaucaire s'ouvrira le mois prochain ; les négociants de notre ville se préparent à y prendre part comme les années précédentes.

Le conseil municipal se réunira lundi prochain pour délibérer sur la question des eaux et sur les travaux d'agrandissement des quais.

On a beaucoup remarqué hier, au Grand-Théâtre, la représentation de l'opéra nouveau, qui a obtenu un très vif succès auprès du public lyonnais.

La foire de Beaucaire s'ouvrira le mois prochain ; les négociants de notre ville se préparent à y prendre part comme les années précédentes.

Le conseil municipal se réunira lundi prochain pour délibérer sur la question des eaux et sur les travaux d'agrandissement des quais.

On a beaucoup remarqué hier, au Grand-Théâtre, la représentation de l'opéra nouveau, qui a obtenu un très vif succès auprès du public lyonnais.

La foire de Beaucaire s'ouvrira le mois prochain ; les négociants de notre ville se préparent à y prendre part comme les années précédentes.

Le conseil municipal se réunira lundi prochain pour délibérer sur la question des eaux et sur les travaux d'agrandissement des quais.

On a beaucoup remarqué hier, au Grand-Théâtre, la représentation de l'opéra nouveau, qui a obtenu un très vif succès auprès du public lyonnais.

La foire de Beaucaire s'ouvrira le mois prochain ; les négociants de notre ville se préparent à y prendre part comme les années précédentes.

Le conseil municipal se réunira lundi prochain pour délibérer sur la question des eaux et sur les travaux d'agrandissement des quais.

On a beaucoup remarqué hier, au Grand-Théâtre, la représentation de l'opéra nouveau, qui a obtenu un très vif succès auprès du public lyonnais.

La foire de Beaucaire s'ouvrira le mois prochain ; les négociants de notre ville se préparent à y prendre part comme les années précédentes.

Le conseil municipal se réunira lundi prochain pour délibérer sur la question des eaux et sur les travaux d'agrandissement des quais.

On a beaucoup remarqué hier, au Grand-Théâtre, la représentation de l'opéra nouveau, qui a obtenu un très vif succès auprès du public lyonnais.

La foire de Beaucaire s'ouvrira le mois prochain ; les négociants de notre ville se préparent à y prendre part comme les années précédentes.

Le conseil municipal se réunira lundi prochain pour délibérer sur la question des eaux et sur les travaux d'agrandissement des quais.

On a beaucoup remarqué hier, au Grand-Théâtre, la représentation de l'opéra nouveau, qui a obtenu un très vif succès auprès du public lyonnais.

La foire de Beaucaire s'ouvrira le mois prochain ; les négociants de notre ville se préparent à y prendre part comme les années précédentes.

Le conseil municipal se réunira lundi prochain pour délibérer sur la question des eaux et sur les travaux d'agrandissement des quais.

On a beaucoup remarqué hier, au Grand-Théâtre, la représentation de l'opéra nouveau, qui a obtenu un très vif succès auprès du public lyonnais.

La foire de Beaucaire s'ouvrira le mois prochain ; les négociants de notre ville se préparent à y prendre part comme les années précédentes.

Le conseil municipal se réunira lundi prochain pour délibérer sur la question des eaux et sur les travaux d'agrandissement des quais.

On a beaucoup remarqué hier, au Grand-Théâtre, la représentation de l'opéra nouveau, qui a obtenu un très vif succès auprès du public lyonnais.

La foire de Beaucaire s'ouvrira le mois prochain ; les négociants de notre ville se préparent à y prendre part comme les années précédentes.

Le conseil municipal se réunira lundi prochain pour délibérer sur la question des eaux et sur les travaux d'agrandissement des quais.

On a beaucoup remarqué hier, au Grand-Théâtre, la représentation de l'opéra nouveau, qui a obtenu un très vif succès auprès du public lyonnais.

La foire de Beaucaire s'ouvrira le mois prochain ; les négociants de notre ville se préparent à y prendre part comme les années précédentes.

Le conseil municipal se réunira lundi prochain pour délibérer sur la question des eaux et sur les travaux d'agrandissement des quais.

On a beaucoup remarqué hier, au Grand-Théâtre, la représentation de l'opéra nouveau, qui a obtenu un très vif succès auprès du public lyonnais.

La foire de Beaucaire s'ouvrira le mois prochain ; les négociants de notre ville se préparent à y prendre part comme les années précédentes.

Le conseil municipal se réunira lundi prochain pour délibérer sur la question des eaux et sur les travaux d'agrandissement des quais.

On a beaucoup remarqué hier, au Grand-Théâtre, la représentation de l'opéra nouveau, qui a obtenu un très vif succès auprès du public lyonnais.

La foire de Beaucaire s'ouvrira le mois prochain ; les négociants de notre ville se préparent à y prendre part comme les années précédentes.

Le conseil municipal se réunira lundi prochain pour délibérer sur la question des eaux et sur les travaux d'agrandissement des quais.

On a beaucoup remarqué hier, au Grand-Théâtre, la représentation de l'opéra nouveau, qui a obtenu un très vif succès auprès du public lyonnais.

La foire de Beaucaire s'ouvrira le mois prochain ; les négociants de notre ville se préparent à y prendre part comme les années précédentes.

Le conseil municipal se réunira lundi prochain pour délibérer sur la question des eaux et sur les travaux d'agrandissement des quais.

On a beaucoup remarqué hier, au Grand-Théâtre, la représentation de l'opéra nouveau, qui a obtenu un très vif succès auprès du public lyonnais.

La foire de Beaucaire s'ouvrira le mois prochain ; les négociants de notre ville se préparent à y prendre part comme les années précédentes.

Le conseil municipal se réunira lundi prochain pour délibérer sur la question des eaux et sur les travaux d'agrandissement des quais.

On a beaucoup remarqué hier, au Grand-Théâtre, la représentation de l'opéra nouveau, qui a obtenu un très vif succès auprès du public lyonnais.

La foire de Beaucaire s'ouvrira le mois prochain ; les négociants de notre ville se préparent à y prendre part comme les années précédentes.

Le conseil municipal se réunira lundi prochain pour délibérer sur la question des eaux et sur les travaux d'agrandissement des quais.

On a beaucoup remarqué hier, au Grand-Théâtre, la représentation de l'opéra nouveau, qui a obtenu un très vif succès auprès du public lyonnais.

La foire de Beaucaire s'ouvrira le mois prochain ; les négociants de notre ville se préparent à y prendre part comme les années précédentes.

Le conseil municipal se réunira lundi prochain pour délibérer sur la question des eaux et sur les travaux d'agrandissement des quais.

On a beaucoup remarqué hier, au Grand-Théâtre, la représentation de l'opéra nouveau, qui a obtenu un très vif succès auprès du public lyonnais.

La foire de Beaucaire s'ouvrira le mois prochain ; les négociants de notre ville se préparent à y prendre part comme les années précédentes.

Le conseil municipal se réunira lundi prochain pour délibérer sur la question des eaux et sur les travaux d'agrandissement des quais.

On a beaucoup remarqué hier, au Grand-Théâtre, la représentation de l'opéra nouveau, qui a obtenu un très vif succès auprès du public lyonnais.

La foire de Beaucaire s'ouvrira le mois prochain ; les négociants de notre ville se préparent à y prendre part comme les années précédentes.

Le conseil municipal se réunira lundi prochain pour délibérer sur la question des eaux et sur les travaux d'agrandissement des quais.

On a beaucoup remarqué hier, au Grand-Théâtre, la représentation de l'opéra nouveau, qui a obtenu un très vif succès auprès du public lyonnais.

La foire de Beaucaire s'ouvrira le mois prochain ; les négociants de notre ville se préparent à y prendre part comme les années précédentes.

Le conseil municipal se réunira lundi prochain pour délibérer sur la question des eaux et sur les travaux d'agrandissement des quais.

On a beaucoup remarqué hier, au Grand-Théâtre, la représentation de l'opéra nouveau, qui a obtenu un très vif succès auprès du public lyonnais.

La foire de Beaucaire s'ouvrira le mois prochain ; les négociants de notre ville se préparent à y prendre part comme les années précédentes.

Le conseil municipal se réunira lundi prochain pour délibérer sur la question des eaux et sur les travaux d'agrandissement des quais.

On a beaucoup remarqué hier, au Grand-Théâtre, la représentation de l'opéra nouveau, qui a obtenu un très vif succès auprès du public lyonnais.

La foire de Beaucaire s'ouvrira le mois prochain ; les négociants de notre ville se préparent à y prendre part comme les années précédentes.

Le conseil municipal se réunira lundi prochain pour délibérer sur la question des eaux et sur les travaux d'agrandissement des quais.

On a beaucoup remarqué hier, au Grand-Théâtre, la représentation de l'opéra nouveau, qui a obtenu un très vif succès auprès du public lyonnais.

La foire de Beaucaire s'ouvrira le mois prochain ; les négociants de notre ville se préparent à y prendre part comme les années précédentes.

Le conseil municipal se réunira lundi prochain pour délibérer sur la question des eaux et sur les travaux d'agrandissement des quais.

On a beaucoup remarqué hier, au Grand-Théâtre, la représentation de l'opéra nouveau, qui a obtenu un très vif succès auprès du public lyonnais.

La foire de Beaucaire s'ouvrira le mois prochain ; les négociants de notre ville se préparent à y prendre part comme les années précédentes.

Le conseil municipal se réunira lundi prochain pour délibérer sur la question des eaux et sur les travaux d'agrandissement des quais.

On a beaucoup remarqué hier, au Grand-Théâtre, la représentation de

L'Imprimeur-Gérant.
